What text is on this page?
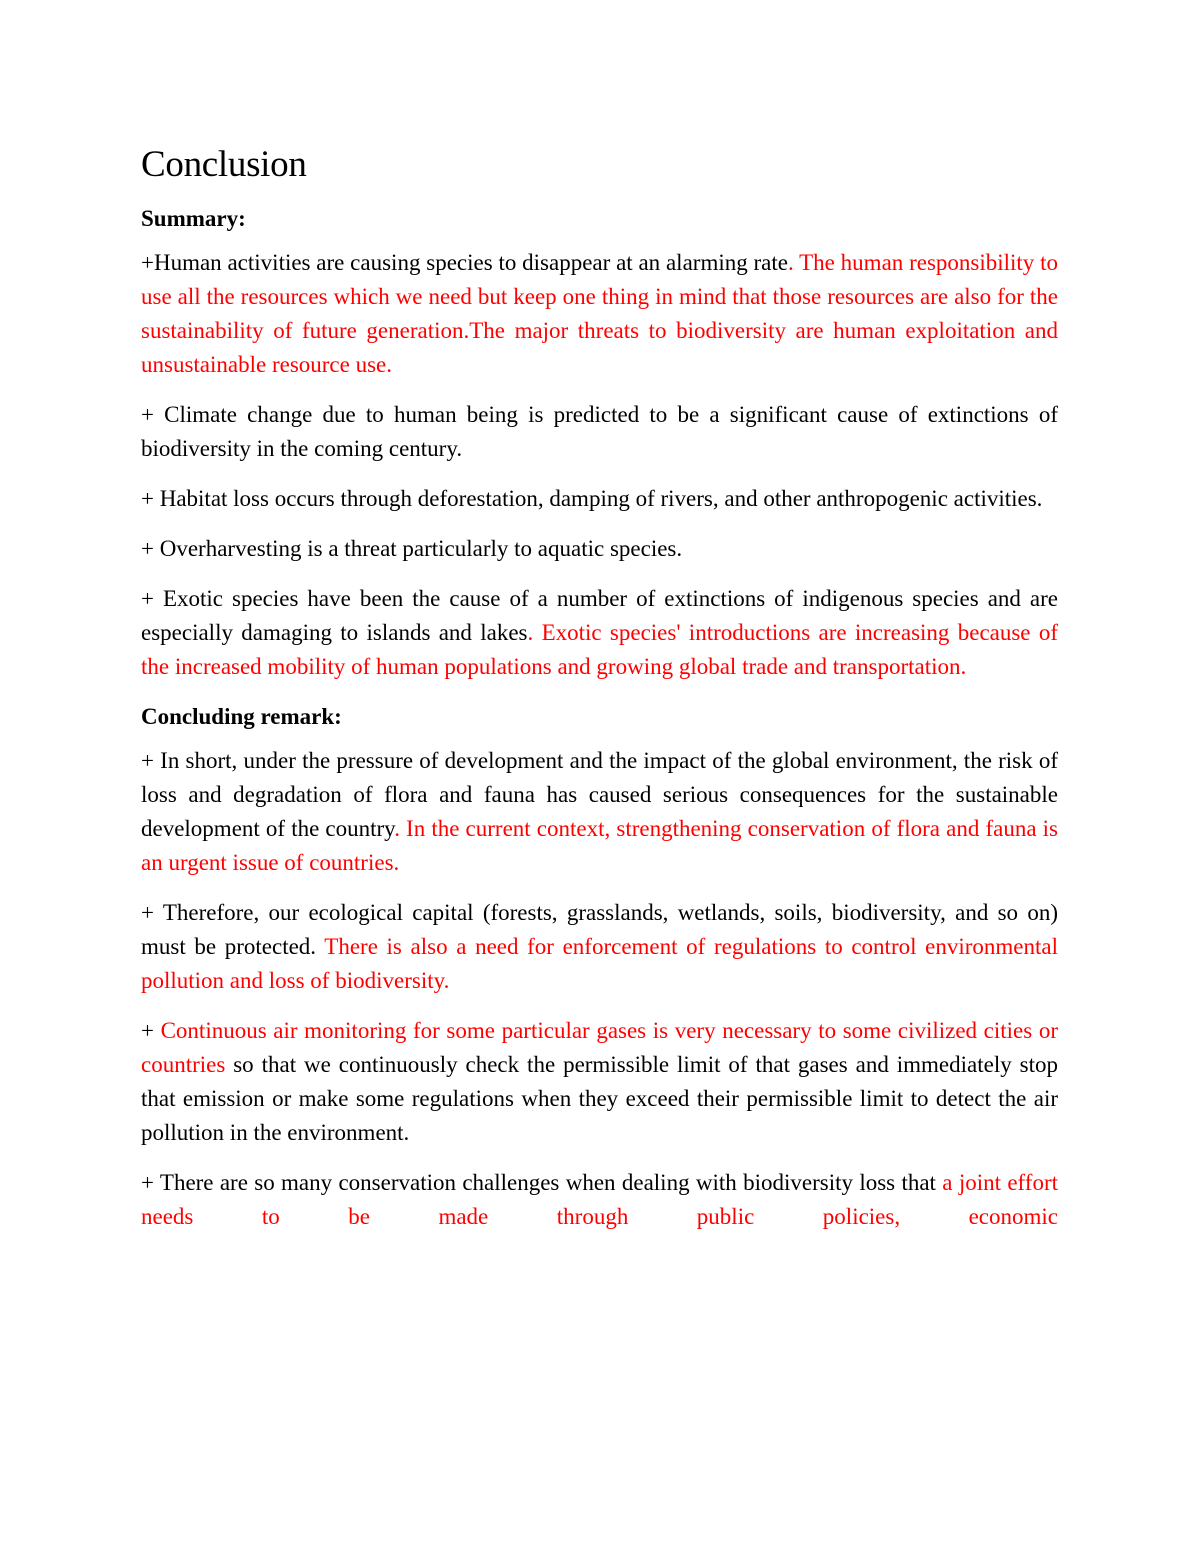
Conclusion

Summary:

+Human activities are causing species to disappear at an alarming rate. The human responsibility to use all the resources which we need but keep one thing in mind that those resources are also for the sustainability of future generation.The major threats to biodiversity are human exploitation and unsustainable resource use.

+ Climate change due to human being is predicted to be a significant cause of extinctions of biodiversity in the coming century.

+ Habitat loss occurs through deforestation, damping of rivers, and other anthropogenic activities.

+ Overharvesting is a threat particularly to aquatic species.

+ Exotic species have been the cause of a number of extinctions of indigenous species and are especially damaging to islands and lakes. Exotic species' introductions are increasing because of the increased mobility of human populations and growing global trade and transportation.

Concluding remark:

+ In short, under the pressure of development and the impact of the global environment, the risk of loss and degradation of flora and fauna has caused serious consequences for the sustainable development of the country. In the current context, strengthening conservation of flora and fauna is an urgent issue of countries.

+ Therefore, our ecological capital (forests, grasslands, wetlands, soils, biodiversity, and so on) must be protected. There is also a need for enforcement of regulations to control environmental pollution and loss of biodiversity.

+ Continuous air monitoring for some particular gases is very necessary to some civilized cities or countries so that we continuously check the permissible limit of that gases and immediately stop that emission or make some regulations when they exceed their permissible limit to detect the air pollution in the environment.

+ There are so many conservation challenges when dealing with biodiversity loss that a joint effort needs to be made through public policies, economic
